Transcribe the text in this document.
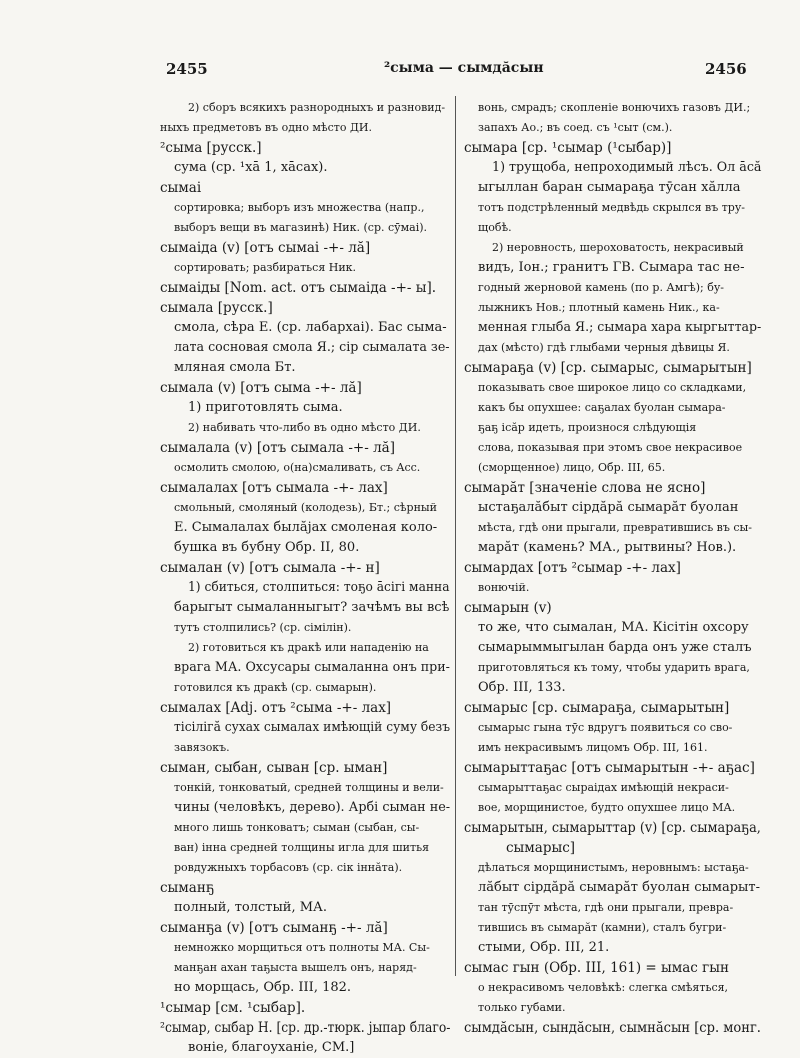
2455	²сыма — сымдăсын	2456
2) сборъ всякихъ разнородныхъ и разновид-
ныхъ предметовъ въ одно мѣсто ДИ.
²сыма [русск.]
сума (ср. ¹хā 1, хāсах).
сымаі
сортировка; выборъ изъ множества (напр.,
выборъ вещи въ магазинѣ) Ник. (ср. сӯмаі).
сымаіда (v) [отъ сымаі -+- лă]
сортировать; разбираться Ник.
сымаіды [Nom. act. отъ сымаіда -+- ы].
сымала [русск.]
смола, сѣра Е. (ср. лабархаі). Бас сыма-
лата сосновая смола Я.; сір сымалата зе-
мляная смола Бт.
сымала (v) [отъ сыма -+- лă]
1) приготовлять сыма.
2) набивать что-либо въ одно мѣсто ДИ.
сымалала (v) [отъ сымала -+- лă]
осмолить смолою, о(на)смаливать, съ Acc.
сымалалах [отъ сымала -+- лах]
смольный, смоляный (колодезь), Бт.; сѣрный
Е. Сымалалах былăјах смоленая коло-
бушка въ бубну Обр. II, 80.
сымалан (v) [отъ сымала -+- н]
1) сбиться, столпиться: тоҕо āсігі манна
барыгыт сымаланныгыт? зачѣмъ вы всѣ
тутъ столпились? (ср. сімілін).
2) готовиться къ дракѣ или нападенію на
врага МА. Охсусары сымаланна онъ при-
готовился къ дракѣ (ср. сымарын).
сымалах [Adj. отъ ²сыма -+- лах]
тісілігă сухах сымалах имѣющій суму безъ
завязокъ.
сыман, сыбан, сыван [ср. ыман]
тонкій, тонковатый, средней толщины и вели-
чины (человѣкъ, дерево). Арбі сыман не-
много лишь тонковатъ; сыман (сыбан, сы-
ван) інна средней толщины игла для шитья
ровдужныхъ торбасовъ (ср. сік іннăта).
сыманҕ
полный, толстый, МА.
сыманҕа (v) [отъ сыманҕ -+- лă]
немножко морщиться отъ полноты МА. Сы-
манҕан ахан таҕыста вышелъ онъ, наряд-
но морщась, Обр. III, 182.
¹сымар [см. ¹сыбар].
²сымар, сыбар Н. [ср. др.-тюрк. јыпар благо-
воніе, благоуханіе, СМ.]
вонь, смрадъ; скопленіе вонючихъ газовъ ДИ.;
запахъ Ао.; въ соед. съ ¹сыт (см.).
сымара [ср. ¹сымар (¹сыбар)]
1) трущоба, непроходимый лѣсъ. Ол āсă
ыгыллан баран сымараҕа тӯсан хăлла
тотъ подстрѣленный медвѣдь скрылся въ тру-
щобѣ.
2) неровность, шероховатость, некрасивый
видъ, Іон.; гранитъ ГВ. Сымара тас не-
годный жерновой камень (по р. Амгѣ); бу-
лыжникъ Нов.; плотный камень Ник., ка-
менная глыба Я.; сымара хара кыргыттар-
дах (мѣсто) гдѣ глыбами черныя дѣвицы Я.
сымараҕа (v) [ср. сымарыс, сымарытын]
показывать свое широкое лицо со складками,
какъ бы опухшее: саҕалах буолан сымара-
ҕаҕ ісăр идеть, произнося слѣдующія
слова, показывая при этомъ свое некрасивое
(сморщенное) лицо, Обр. III, 65.
сымарăт [значеніе слова не ясно]
ыстаҕалăбыт сірдăрă сымарăт буолан
мѣста, гдѣ они прыгали, превратившись въ сы-
марăт (камень? МА., рытвины? Нов.).
сымардах [отъ ²сымар -+- лах]
вонючій.
сымарын (v)
то же, что сымалан, МА. Кісітін охсору
сымарыммыгылан барда онъ уже сталъ
приготовляться къ тому, чтобы ударить врага,
Обр. III, 133.
сымарыс [ср. сымараҕа, сымарытын]
сымарыс гына тӯс вдругъ появиться со сво-
имъ некрасивымъ лицомъ Обр. III, 161.
сымарыттаҕас [отъ сымарытын -+- аҕас]
сымарыттаҕас сыраідах имѣющій некраси-
вое, морщинистое, будто опухшее лицо МА.
сымарытын, сымарыттар (v) [ср. сымараҕа,
сымарыс]
дѣлаться морщинистымъ, неровнымъ: ыстаҕа-
лăбыт сірдăрă сымарăт буолан сымарыт-
тан тӯспӯт мѣста, гдѣ они прыгали, превра-
тившись въ сымарăт (камни), сталъ бугри-
стыми, Обр. III, 21.
сымас гын (Обр. III, 161) = ымас гын
о некрасивомъ человѣкѣ: слегка смѣяться,
только губами.
сымдăсын, сындăсын, сымнăсын [ср. монг.
